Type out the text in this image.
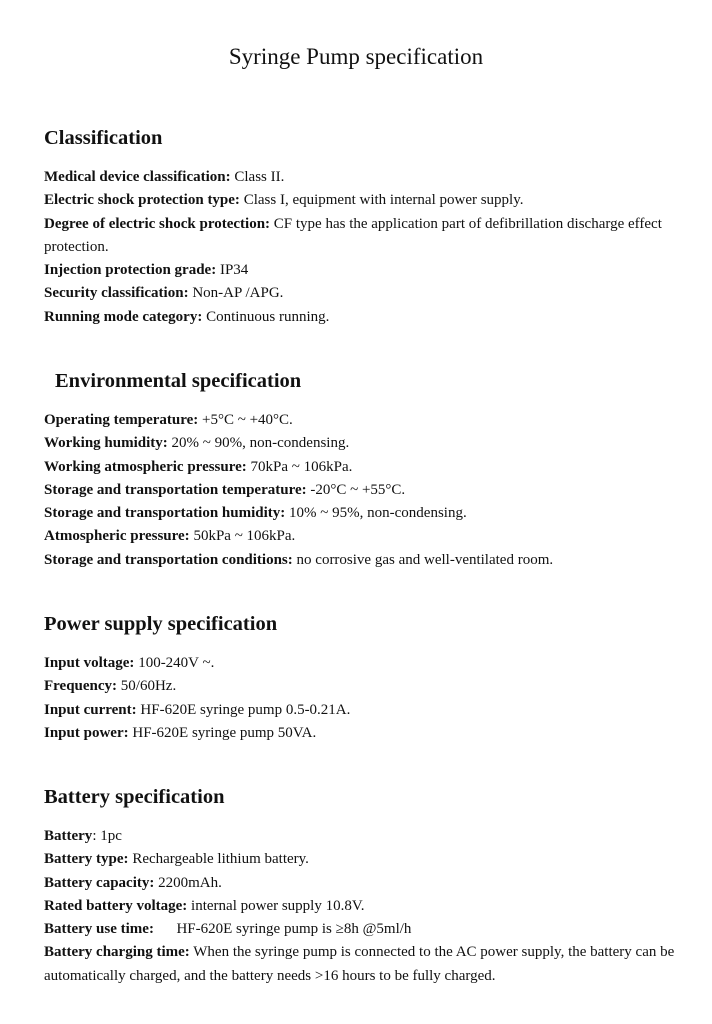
Syringe Pump specification
Classification
Medical device classification: Class II.
Electric shock protection type: Class I, equipment with internal power supply.
Degree of electric shock protection: CF type has the application part of defibrillation discharge effect protection.
Injection protection grade: IP34
Security classification: Non-AP /APG.
Running mode category: Continuous running.
Environmental specification
Operating temperature: +5°C ~ +40°C.
Working humidity: 20% ~ 90%, non-condensing.
Working atmospheric pressure: 70kPa ~ 106kPa.
Storage and transportation temperature: -20°C ~ +55°C.
Storage and transportation humidity: 10% ~ 95%, non-condensing.
Atmospheric pressure: 50kPa ~ 106kPa.
Storage and transportation conditions: no corrosive gas and well-ventilated room.
Power supply specification
Input voltage: 100-240V ~.
Frequency: 50/60Hz.
Input current: HF-620E syringe pump 0.5-0.21A.
Input power: HF-620E syringe pump 50VA.
Battery specification
Battery: 1pc
Battery type: Rechargeable lithium battery.
Battery capacity: 2200mAh.
Rated battery voltage: internal power supply 10.8V.
Battery use time:      HF-620E syringe pump is ≥8h @5ml/h
Battery charging time: When the syringe pump is connected to the AC power supply, the battery can be automatically charged, and the battery needs >16 hours to be fully charged.
